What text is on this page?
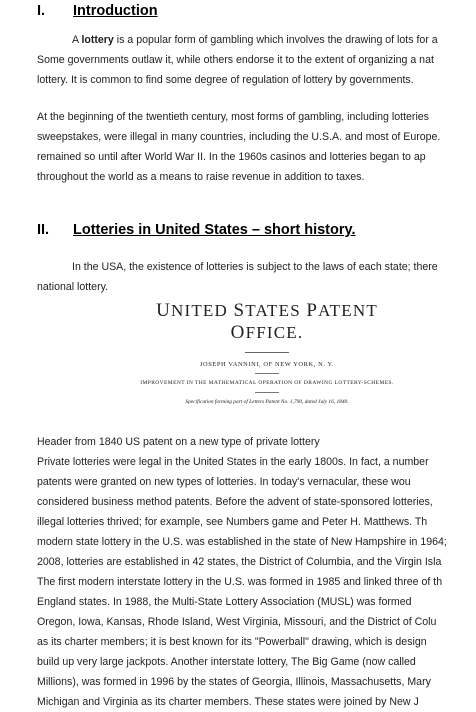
I. Introduction
A lottery is a popular form of gambling which involves the drawing of lots for a
Some governments outlaw it, while others endorse it to the extent of organizing a nat
lottery. It is common to find some degree of regulation of lottery by governments.
At the beginning of the twentieth century, most forms of gambling, including lotteries
sweepstakes, were illegal in many countries, including the U.S.A. and most of Europe.
remained so until after World War II. In the 1960s casinos and lotteries began to ap
throughout the world as a means to raise revenue in addition to taxes.
II. Lotteries in United States – short history.
In the USA, the existence of lotteries is subject to the laws of each state; there
national lottery.

UNITED STATES PATENT OFFICE.

JOSEPH VANNINI, OF NEW YORK, N. Y.

IMPROVEMENT IN THE MATHEMATICAL OPERATION OF DRAWING LOTTERY-SCHEMES.

Specification forming part of Letters Patent No. 1,790, dated July 16, 1840.

Header from 1840 US patent on a new type of private lottery
Private lotteries were legal in the United States in the early 1800s. In fact, a number
patents were granted on new types of lotteries. In today's vernacular, these wou
considered business method patents. Before the advent of state-sponsored lotteries,
illegal lotteries thrived; for example, see Numbers game and Peter H. Matthews. Th
modern state lottery in the U.S. was established in the state of New Hampshire in 1964;
2008, lotteries are established in 42 states, the District of Columbia, and the Virgin Isla
The first modern interstate lottery in the U.S. was formed in 1985 and linked three of th
England states. In 1988, the Multi-State Lottery Association (MUSL) was formed
Oregon, Iowa, Kansas, Rhode Island, West Virginia, Missouri, and the District of Colu
as its charter members; it is best known for its "Powerball" drawing, which is design
build up very large jackpots. Another interstate lottery, The Big Game (now called
Millions), was formed in 1996 by the states of Georgia, Illinois, Massachusetts, Mary
Michigan and Virginia as its charter members. These states were joined by New J
